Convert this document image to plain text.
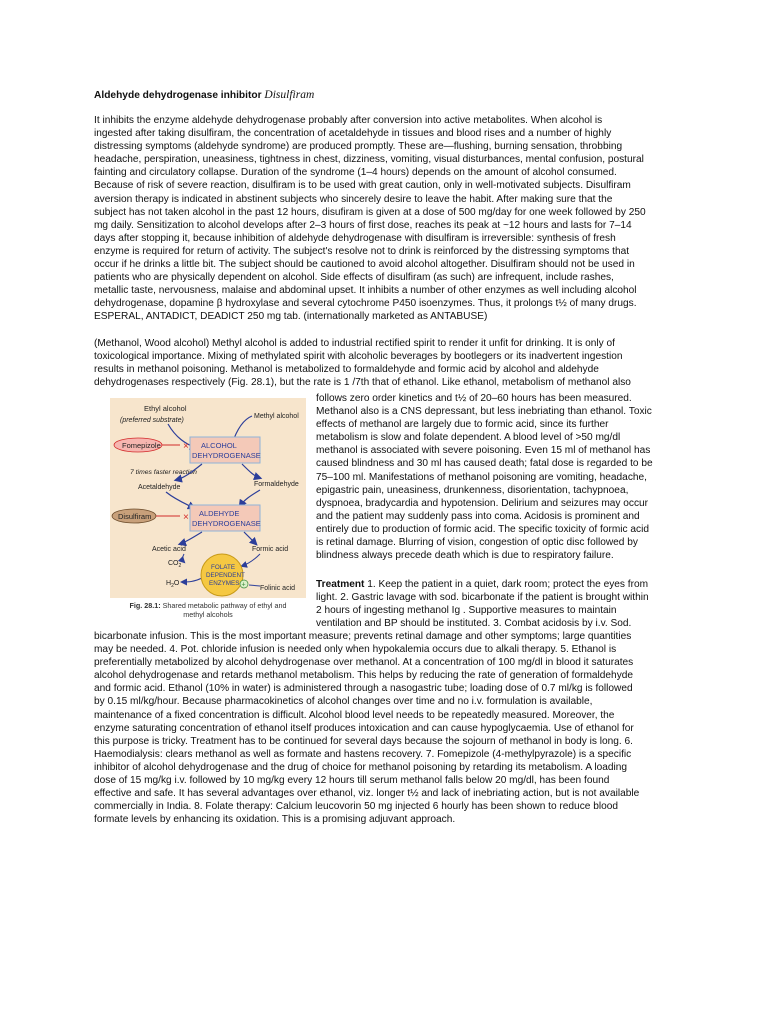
Aldehyde dehydrogenase inhibitor Disulfiram

It inhibits the enzyme aldehyde dehydrogenase probably after conversion into active metabolites. When alcohol is
ingested after taking disulfiram, the concentration of acetaldehyde in tissues and blood rises and a number of highly
distressing symptoms (aldehyde syndrome) are produced promptly. These are—flushing, burning sensation, throbbing
headache, perspiration, uneasiness, tightness in chest, dizziness, vomiting, visual disturbances, mental confusion, postural
fainting and circulatory collapse. Duration of the syndrome (1–4 hours) depends on the amount of alcohol consumed.
Because of risk of severe reaction, disulfiram is to be used with great caution, only in well-motivated subjects. Disulfiram
aversion therapy is indicated in abstinent subjects who sincerely desire to leave the habit. After making sure that the
subject has not taken alcohol in the past 12 hours, disufiram is given at a dose of 500 mg/day for one week followed by 250
mg daily. Sensitization to alcohol develops after 2–3 hours of first dose, reaches its peak at ~12 hours and lasts for 7–14
days after stopping it, because inhibition of aldehyde dehydrogenase with disulfiram is irreversible: synthesis of fresh
enzyme is required for return of activity. The subject's resolve not to drink is reinforced by the distressing symptoms that
occur if he drinks a little bit. The subject should be cautioned to avoid alcohol altogether. Disulfiram should not be used in
patients who are physically dependent on alcohol. Side effects of disulfiram (as such) are infrequent, include rashes,
metallic taste, nervousness, malaise and abdominal upset. It inhibits a number of other enzymes as well including alcohol
dehydrogenase, dopamine β hydroxylase and several cytochrome P450 isoenzymes. Thus, it prolongs t½ of many drugs.
ESPERAL, ANTADICT, DEADICT 250 mg tab. (internationally marketed as ANTABUSE)

(Methanol, Wood alcohol) Methyl alcohol is added to industrial rectified spirit to render it unfit for drinking. It is only of
toxicological importance. Mixing of methylated spirit with alcoholic beverages by bootlegers or its inadvertent ingestion
results in methanol poisoning. Methanol is metabolized to formaldehyde and formic acid by alcohol and aldehyde
dehydrogenases respectively (Fig. 28.1), but the rate is 1 /7th that of ethanol. Like ethanol, metabolism of methanol also

Ethyl alcohol
(preferred substrate)
Methyl alcohol
Fomepizole × ALCOHOL
DEHYDROGENASE
7 times faster reaction
Acetaldehyde	Formaldehyde
Disulfiram	× ALDEHYDE
DEHYDROGENASE
Acetic acid	Formic acid
$CO_2$
$H_2O$
FOLATE
DEPENDENT
ENZYMES + Folinic acid
Fig. 28.1: Shared metabolic pathway of ethyl and
methyl alcohols

follows zero order kinetics and t½ of 20–60 hours has been measured.
Methanol also is a CNS depressant, but less inebriating than ethanol. Toxic
effects of methanol are largely due to formic acid, since its further
metabolism is slow and folate dependent. A blood level of >50 mg/dl
methanol is associated with severe poisoning. Even 15 ml of methanol has
caused blindness and 30 ml has caused death; fatal dose is regarded to be
75–100 ml. Manifestations of methanol poisoning are vomiting, headache,
epigastric pain, uneasiness, drunkenness, disorientation, tachypnoea,
dyspnoea, bradycardia and hypotension. Delirium and seizures may occur
and the patient may suddenly pass into coma. Acidosis is prominent and
entirely due to production of formic acid. The specific toxicity of formic acid
is retinal damage. Blurring of vision, congestion of optic disc followed by
blindness always precede death which is due to respiratory failure.

Treatment 1. Keep the patient in a quiet, dark room; protect the eyes from
light. 2. Gastric lavage with sod. bicarbonate if the patient is brought within
2 hours of ingesting methanol Ig . Supportive measures to maintain
ventilation and BP should be instituted. 3. Combat acidosis by i.v. Sod.

bicarbonate infusion. This is the most important measure; prevents retinal damage and other symptoms; large quantities
may be needed. 4. Pot. chloride infusion is needed only when hypokalemia occurs due to alkali therapy. 5. Ethanol is
preferentially metabolized by alcohol dehydrogenase over methanol. At a concentration of 100 mg/dl in blood it saturates
alcohol dehydrogenase and retards methanol metabolism. This helps by reducing the rate of generation of formaldehyde
and formic acid. Ethanol (10% in water) is administered through a nasogastric tube; loading dose of 0.7 ml/kg is followed
by 0.15 ml/kg/hour. Because pharmacokinetics of alcohol changes over time and no i.v. formulation is available,
maintenance of a fixed concentration is difficult. Alcohol blood level needs to be repeatedly measured. Moreover, the
enzyme saturating concentration of ethanol itself produces intoxication and can cause hypoglycaemia. Use of ethanol for
this purpose is tricky. Treatment has to be continued for several days because the sojourn of methanol in body is long. 6.
Haemodialysis: clears methanol as well as formate and hastens recovery. 7. Fomepizole (4-methylpyrazole) is a specific
inhibitor of alcohol dehydrogenase and the drug of choice for methanol poisoning by retarding its metabolism. A loading
dose of 15 mg/kg i.v. followed by 10 mg/kg every 12 hours till serum methanol falls below 20 mg/dl, has been found
effective and safe. It has several advantages over ethanol, viz. longer t½ and lack of inebriating action, but is not available
commercially in India. 8. Folate therapy: Calcium leucovorin 50 mg injected 6 hourly has been shown to reduce blood
formate levels by enhancing its oxidation. This is a promising adjuvant approach.
